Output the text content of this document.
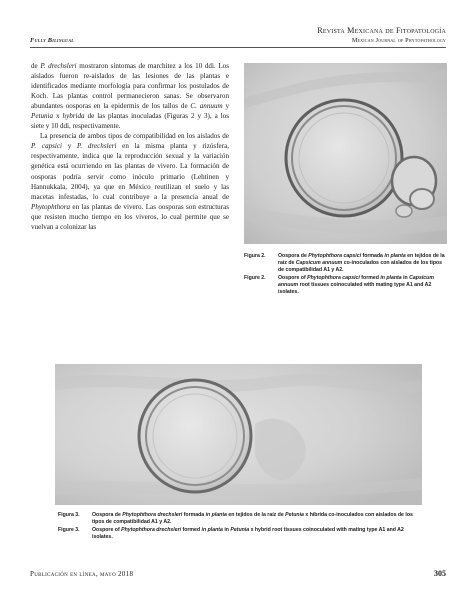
Fully Bilingual
Revista Mexicana de Fitopatología
Mexican Journal of Phytopathology

de P. drechsleri mostraron síntomas de marchitez a los 10 ddi. Los aislados fueron re-aislados de las lesiones de las plantas e identificados mediante morfología para confirmar los postulados de Koch. Las plantas control permanecieron sanas. Se observaron abundantes oosporas en la epidermis de los tallos de C. annuum y Petunia x hybrida de las plantas inoculadas (Figuras 2 y 3), a los siete y 10 ddi, respectivamente.

La presencia de ambos tipos de compatibilidad en los aislados de P. capsici y P. drechsleri en la misma planta y rizósfera, respectivamente, indica que la reproducción sexual y la variación genética está ocurriendo en las plantas de vivero. La formación de oosporas podría servir como inóculo primario (Lehtinen y Hannukkala, 2004), ya que en México reutilizan el suelo y las macetas infestadas, lo cual contribuye a la presencia anual de Phytophthora en las plantas de vivero. Las oosporas son estructuras que resisten mucho tiempo en los viveros, lo cual permite que se vuelvan a colonizar las

Figura 2.	Oospora de Phytophthora capsici formada in planta en tejidos de la raíz de Capsicum annuum co-inoculados con aislados de los tipos de compatibilidad A1 y A2.
Figure 2.	Oospore of Phytophthora capsici formed in planta in Capsicum annuum root tissues coinoculated with mating type A1 and A2 isolates.
Figura 3.	Oospora de Phytophthora drechsleri formada in planta en tejidos de la raíz de Petunia x híbrida co-inoculados con aislados de los tipos de compatibilidad A1 y A2.
Figure 3.	Oospore of Phytophthora drechsleri formed in planta in Petunia x hybrid root tissues coinoculated with mating type A1 and A2 isolates.
Publicación en línea, mayo 2018	305
